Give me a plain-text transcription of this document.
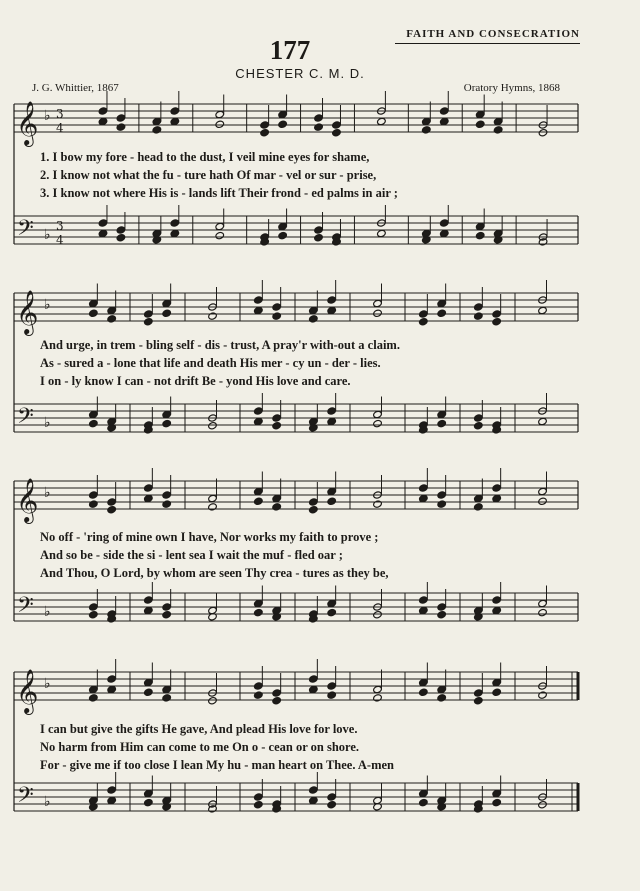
FAITH AND CONSECRATION
177
CHESTER C. M. D.
J. G. Whittier, 1867	Oratory Hymns, 1868
𝄞
𝄢
♭
♭
3
4
3
4
𝄞
𝄢
♭
♭
𝄞
𝄢
♭
♭
𝄞
𝄢
♭
♭
1. I bow my fore - head to the dust, I veil mine eyes for shame,
2. I know not what the fu - ture hath Of mar - vel or sur - prise,
3. I know not where His is - lands lift Their frond - ed palms in air ;
And urge, in trem - bling self - dis - trust, A pray'r with-out a claim.
As - sured a - lone that life and death His mer - cy un - der - lies.
I on - ly know I can - not drift Be - yond His love and care.
No off - 'ring of mine own I have, Nor works my faith to prove ;
And so be - side the si - lent sea I wait the muf - fled oar ;
And Thou, O Lord, by whom are seen Thy crea - tures as they be,
I can but give the gifts He gave, And plead His love for love.
No harm from Him can come to me On o - cean or on shore.
For - give me if too close I lean My hu - man heart on Thee. A-men
